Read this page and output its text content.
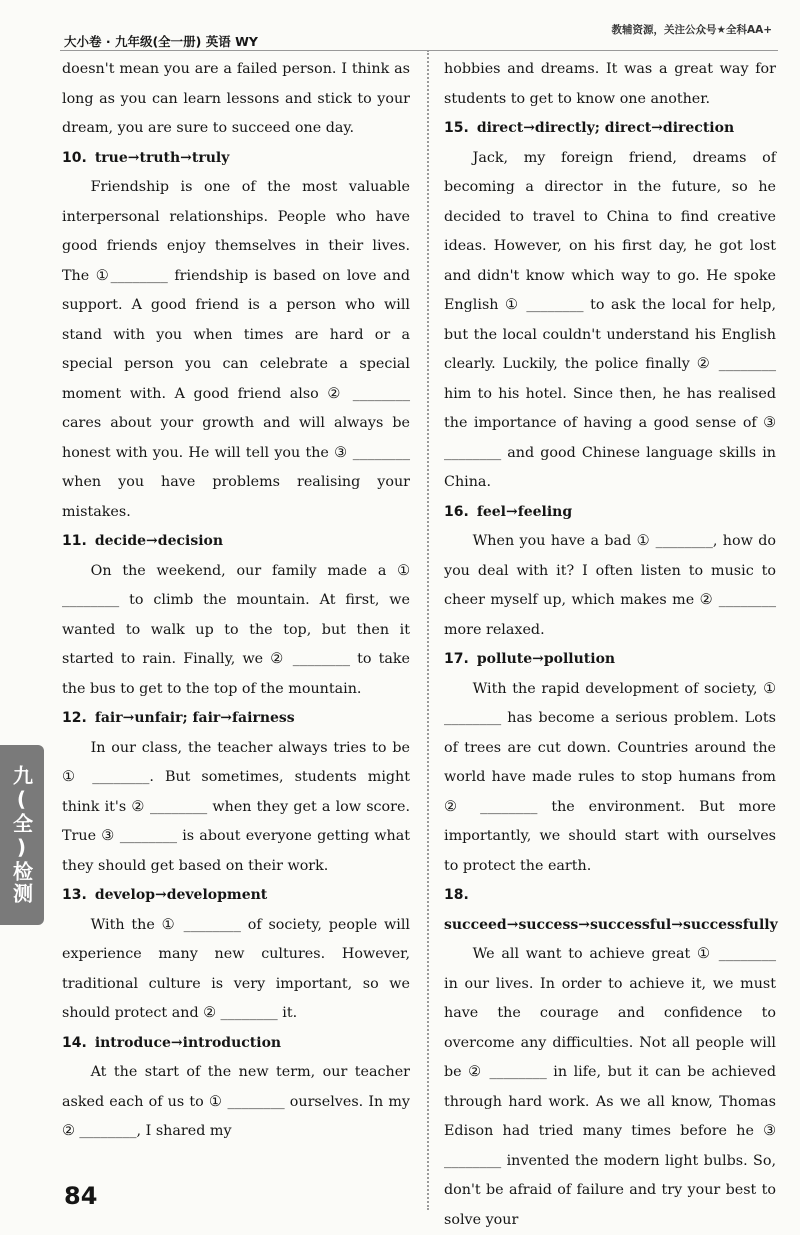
大小卷 · 九年级(全一册) 英语 WY
教辅资源，关注公众号★全科AA+

doesn't mean you are a failed person. I think as long as you can learn lessons and stick to your dream, you are sure to succeed one day.

10. true→truth→truly

Friendship is one of the most valuable interpersonal relationships. People who have good friends enjoy themselves in their lives. The ①________ friendship is based on love and support. A good friend is a person who will stand with you when times are hard or a special person you can celebrate a special moment with. A good friend also ② ________ cares about your growth and will always be honest with you. He will tell you the ③ ________ when you have problems realising your mistakes.

11. decide→decision

On the weekend, our family made a ① ________ to climb the mountain. At first, we wanted to walk up to the top, but then it started to rain. Finally, we ② ________ to take the bus to get to the top of the mountain.

12. fair→unfair; fair→fairness

In our class, the teacher always tries to be ① ________. But sometimes, students might think it's ② ________ when they get a low score. True ③ ________ is about everyone getting what they should get based on their work.

13. develop→development

With the ① ________ of society, people will experience many new cultures. However, traditional culture is very important, so we should protect and ② ________ it.

14. introduce→introduction

At the start of the new term, our teacher asked each of us to ① ________ ourselves. In my ② ________, I shared my

hobbies and dreams. It was a great way for students to get to know one another.

15. direct→directly; direct→direction

Jack, my foreign friend, dreams of becoming a director in the future, so he decided to travel to China to find creative ideas. However, on his first day, he got lost and didn't know which way to go. He spoke English ① ________ to ask the local for help, but the local couldn't understand his English clearly. Luckily, the police finally ② ________ him to his hotel. Since then, he has realised the importance of having a good sense of ③ ________ and good Chinese language skills in China.

16. feel→feeling

When you have a bad ① ________, how do you deal with it? I often listen to music to cheer myself up, which makes me ② ________ more relaxed.

17. pollute→pollution

With the rapid development of society, ① ________ has become a serious problem. Lots of trees are cut down. Countries around the world have made rules to stop humans from ② ________ the environment. But more importantly, we should start with ourselves to protect the earth.

18.succeed→success→successful→successfully

We all want to achieve great ① ________ in our lives. In order to achieve it, we must have the courage and confidence to overcome any difficulties. Not all people will be ② ________ in life, but it can be achieved through hard work. As we all know, Thomas Edison had tried many times before he ③ ________ invented the modern light bulbs. So, don't be afraid of failure and try your best to solve your

九(全)检测
84
